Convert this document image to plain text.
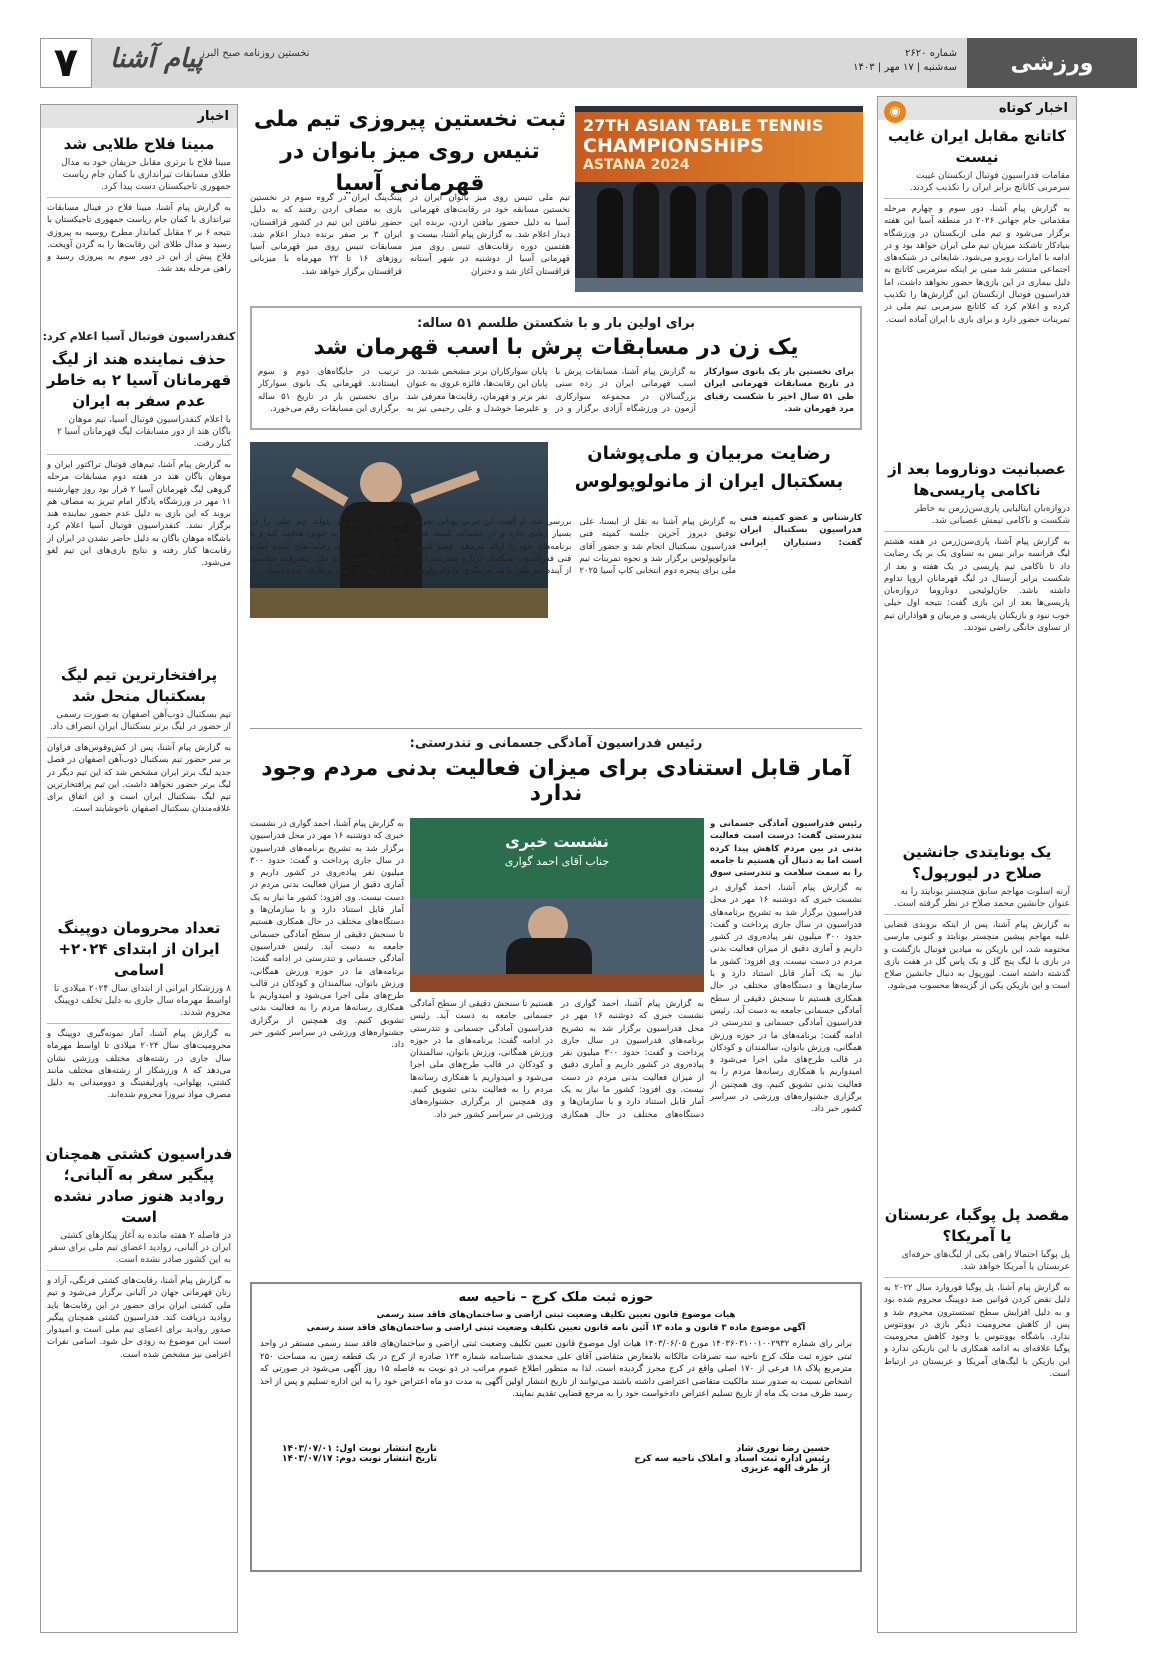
ورزشی
شماره ۲۶۲۰
سه‌شنبه | ۱۷ مهر | ۱۴۰۳
نخستین روزنامه صبح البرز
پیام آشنا
۷
اخبار کوتاه
◉
کاتانچ مقابل ایران غایب نیست
مقامات فدراسیون فوتبال ازبکستان غیبت سرمربی کاتانچ برابر ایران را تکذیب کردند.
به گزارش پیام آشنا، دور سوم و چهارم مرحله مقدماتی جام جهانی ۲۰۲۶ در منطقه آسیا این هفته برگزار می‌شود و تیم ملی ازبکستان در ورزشگاه بنیادکار تاشکند میزبان تیم ملی ایران خواهد بود و در ادامه با امارات روبرو می‌شود. شایعاتی در شبکه‌های اجتماعی منتشر شد مبنی بر اینکه سرمربی کاتانچ به دلیل بیماری در این بازی‌ها حضور نخواهد داشت، اما فدراسیون فوتبال ازبکستان این گزارش‌ها را تکذیب کرده و اعلام کرد که کاتانچ سرمربی تیم ملی در تمرینات حضور دارد و برای بازی با ایران آماده است.
عصبانیت دوناروما بعد از ناکامی پاریسی‌ها
دروازه‌بان ایتالیایی پاری‌سن‌ژرمن به خاطر شکست و ناکامی تیمش عصبانی شد.
به گزارش پیام آشنا، پاری‌سن‌ژرمن در هفته هشتم لیگ فرانسه برابر نیس به تساوی یک بر یک رضایت داد تا ناکامی تیم پاریسی در یک هفته و بعد از شکست برابر آرسنال در لیگ قهرمانان اروپا تداوم داشته باشد. جان‌لوئیجی دوناروما دروازه‌بان پاریسی‌ها بعد از این بازی گفت: نتیجه اول خیلی خوب نبود و بازیکنان پاریسی و مربیان و هواداران تیم از تساوی خانگی راضی نبودند.
یک یونایتدی جانشین صلاح در لیورپول؟
آرنه اسلوت مهاجم سابق منچستر یونایتد را به عنوان جانشین محمد صلاح در نظر گرفته است.
به گزارش پیام آشنا، پس از اینکه بروندی قضایی علیه مهاجم پیشین منچستر یونایتد و کنونی مارسی مختومه شد، این بازیکن به میادین فوتبال بازگشت و در بازی با لیگ پنج گل و یک پاس گل در هفت بازی گذشته داشته است. لیورپول به دنبال جانشین صلاح است و این بازیکن یکی از گزینه‌ها محسوب می‌شود.
مقصد پل پوگبا، عربستان یا آمریکا؟
پل پوگبا احتمالا راهی یکی از لیگ‌های حرفه‌ای عربستان یا آمریکا خواهد شد.
به گزارش پیام آشنا، پل پوگبا فوروارد سال ۲۰۲۲ به دلیل نقض کردن قوانین ضد دوپینگ محروم شده بود و به دلیل افزایش سطح تستسترون محروم شد و پس از کاهش محرومیت دیگر بازی در یوونتوس ندارد. باشگاه یوونتوس با وجود کاهش محرومیت پوگبا علاقه‌ای به ادامه همکاری با این بازیکن ندارد و این بازیکن با لیگ‌های آمریکا و عربستان در ارتباط است.
27TH ASIAN TABLE TENNIS
CHAMPIONSHIPS
ASTANA 2024
ثبت نخستین پیروزی تیم ملی تنیس روی میز بانوان در قهرمانی آسیا
تیم ملی تنیس روی میز بانوان ایران در نخستین مسابقه خود در رقابت‌های قهرمانی آسیا به دلیل حضور نیافتن اردن، برنده این دیدار اعلام شد. به گزارش پیام آشنا، بیست و هفتمین دوره رقابت‌های تنیس روی میز قهرمانی آسیا از دوشنبه در شهر آستانه قزاقستان آغاز شد و دختران
پینگ‌پنگ ایران در گروه سوم در نخستین بازی به مصاف اردن رفتند که به دلیل حضور نیافتن این تیم در کشور قزاقستان، ایران ۳ بر صفر برنده دیدار اعلام شد. مسابقات تنیس روی میز قهرمانی آسیا روزهای ۱۶ تا ۲۲ مهرماه با میزبانی قزاقستان برگزار خواهد شد.
برای اولین بار و با شکستن طلسم ۵۱ ساله:
یک زن در مسابقات پرش با اسب قهرمان شد
برای نخستین بار یک بانوی سوارکار در تاریخ مسابقات قهرمانی ایران طی ۵۱ سال اخیر با شکست رقبای مرد قهرمان شد.
به گزارش پیام آشنا، مسابقات پرش با اسب قهرمانی ایران در رده سنی بزرگسالان در مجموعه سوارکاری آزمون در ورزشگاه آزادی برگزار و در پایان سوارکاران برتر مشخص شدند. در پایان این رقابت‌ها، فائزه غروی به عنوان نفر برتر و قهرمان، رقابت‌ها معرفی شد و علیرضا خوشدل و علی رحیمی نیز به ترتیب در جایگاه‌های دوم و سوم ایستادند. قهرمانی یک بانوی سوارکار برای نخستین بار در تاریخ ۵۱ ساله برگزاری این مسابقات رقم می‌خورد.
رضایت مربیان و ملی‌پوشان بسکتبال ایران از مانولوپولوس
کارشناس و عضو کمیته فنی فدراسیون بسکتبال ایران گفت: دستیاران ایرانی
به گزارش پیام آشنا به نقل از ایسنا، علی توفیق دیروز آخرین جلسه کمیته فنی فدراسیون بسکتبال انجام شد و حضور آقای مانولوپولوس برگزار شد و نحوه تمرینات تیم ملی برای پنجره دوم انتخابی کاپ آسیا ۲۰۲۵ بررسی شد. او گفت: این مربی یونانی تجربه بسیار زیادی دارد و در جلسات کمیته فنی برنامه‌های خود را ارائه می‌دهد. عضو کمیته فنی فدراسیون بسکتبال درباره پیش‌بینی‌اش از آینده تیم ملی با سرمربیگری مانولوپولوس گفت: امیدواریم او بتواند تیم ملی را در پنجره دوم انتخابی به خوبی هدایت کند و با بازیکنان جوان برای رقابت‌های آینده آماده شوند. هم‌صحبتی تیم ملی پیشرفت مناسبی دارد و اختلافات دیگر برطرف شده است.
رئیس فدراسیون آمادگی جسمانی و تندرستی:
آمار قابل استنادی برای میزان فعالیت بدنی مردم وجود ندارد
نشست خبری
جناب آقای احمد گواری
رئیس فدراسیون آمادگی جسمانی و تندرستی گفت: درست است فعالیت بدنی در بین مردم کاهش پیدا کرده است اما به دنبال آن هستیم تا جامعه را به سمت سلامت و تندرستی سوق
به گزارش پیام آشنا، احمد گواری در نشست خبری که دوشنبه ۱۶ مهر در محل فدراسیون برگزار شد به تشریح برنامه‌های فدراسیون در سال جاری پرداخت و گفت: حدود ۳۰۰ میلیون نفر پیاده‌روی در کشور داریم و آماری دقیق از میزان فعالیت بدنی مردم در دست نیست. وی افزود: کشور ما نیاز به یک آمار قابل استناد دارد و با سازمان‌ها و دستگاه‌های مختلف در حال همکاری هستیم تا سنجش دقیقی از سطح آمادگی جسمانی جامعه به دست آید. رئیس فدراسیون آمادگی جسمانی و تندرستی در ادامه گفت: برنامه‌های ما در حوزه ورزش همگانی، ورزش بانوان، سالمندان و کودکان در قالب طرح‌های ملی اجرا می‌شود و امیدواریم با همکاری رسانه‌ها مردم را به فعالیت بدنی تشویق کنیم. وی همچنین از برگزاری جشنواره‌های ورزشی در سراسر کشور خبر داد.
به گزارش پیام آشنا، احمد گواری در نشست خبری که دوشنبه ۱۶ مهر در محل فدراسیون برگزار شد به تشریح برنامه‌های فدراسیون در سال جاری پرداخت و گفت: حدود ۳۰۰ میلیون نفر پیاده‌روی در کشور داریم و آماری دقیق از میزان فعالیت بدنی مردم در دست نیست. وی افزود: کشور ما نیاز به یک آمار قابل استناد دارد و با سازمان‌ها و دستگاه‌های مختلف در حال همکاری هستیم تا سنجش دقیقی از سطح آمادگی جسمانی جامعه به دست آید. رئیس فدراسیون آمادگی جسمانی و تندرستی در ادامه گفت: برنامه‌های ما در حوزه ورزش همگانی، ورزش بانوان، سالمندان و کودکان در قالب طرح‌های ملی اجرا می‌شود و امیدواریم با همکاری رسانه‌ها مردم را به فعالیت بدنی تشویق کنیم. وی همچنین از برگزاری جشنواره‌های ورزشی در سراسر کشور خبر داد.
به گزارش پیام آشنا، احمد گواری در نشست خبری که دوشنبه ۱۶ مهر در محل فدراسیون برگزار شد به تشریح برنامه‌های فدراسیون در سال جاری پرداخت و گفت: حدود ۳۰۰ میلیون نفر پیاده‌روی در کشور داریم و آماری دقیق از میزان فعالیت بدنی مردم در دست نیست. وی افزود: کشور ما نیاز به یک آمار قابل استناد دارد و با سازمان‌ها و دستگاه‌های مختلف در حال همکاری هستیم تا سنجش دقیقی از سطح آمادگی جسمانی جامعه به دست آید. رئیس فدراسیون آمادگی جسمانی و تندرستی در ادامه گفت: برنامه‌های ما در حوزه ورزش همگانی، ورزش بانوان، سالمندان و کودکان در قالب طرح‌های ملی اجرا می‌شود و امیدواریم با همکاری رسانه‌ها مردم را به فعالیت بدنی تشویق کنیم. وی همچنین از برگزاری جشنواره‌های ورزشی در سراسر کشور خبر داد.
حوزه ثبت ملک کرج – ناحیه سه

هیات موضوع قانون تعیین تکلیف وضعیت ثبتی اراضی و ساختمان‌های فاقد سند رسمی

آگهی موضوع ماده ۳ قانون و ماده ۱۳ آئین نامه قانون تعیین تکلیف وضعیت ثبتی اراضی و ساختمان‌های فاقد سند رسمی

برابر رای شماره ۱۴۰۳۶۰۳۱۰۰۱۰۰۲۹۳۲ مورخ ۱۴۰۳/۰۶/۰۵ هیات اول موضوع قانون تعیین تکلیف وضعیت ثبتی اراضی و ساختمان‌های فاقد سند رسمی مستقر در واحد ثبتی حوزه ثبت ملک کرج ناحیه سه تصرفات مالکانه بلامعارض متقاضی آقای علی محمدی شناسنامه شماره ۱۲۳ صادره از کرج در یک قطعه زمین به مساحت ۲۵۰ مترمربع پلاک ۱۸ فرعی از ۱۷۰ اصلی واقع در کرج محرز گردیده است. لذا به منظور اطلاع عموم مراتب در دو نوبت به فاصله ۱۵ روز آگهی می‌شود در صورتی که اشخاص نسبت به صدور سند مالکیت متقاضی اعتراضی داشته باشند می‌توانند از تاریخ انتشار اولین آگهی به مدت دو ماه اعتراض خود را به این اداره تسلیم و پس از اخذ رسید ظرف مدت یک ماه از تاریخ تسلیم اعتراض دادخواست خود را به مرجع قضایی تقدیم نمایند.

حسین رضا نوری شاد
رئیس اداره ثبت اسناد و املاک ناحیه سه کرج
از طرف الهه عزیزی
تاریخ انتشار نوبت اول: ۱۴۰۳/۰۷/۰۱
تاریخ انتشار نوبت دوم: ۱۴۰۳/۰۷/۱۷
اخبار
مبینا فلاح طلایی شد
مبینا فلاح با برتری مقابل حریفان خود به مدال طلای مسابقات تیراندازی با کمان جام ریاست جمهوری تاجیکستان دست پیدا کرد.
به گزارش پیام آشنا، مبینا فلاح در فینال مسابقات تیراندازی با کمان جام ریاست جمهوری تاجیکستان با نتیجه ۶ بر ۲ مقابل کماندار مطرح روسیه به پیروزی رسید و مدال طلای این رقابت‌ها را به گردن آویخت. فلاح پیش از این در دور سوم به پیروزی رسید و راهی مرحله بعد شد.
کنفدراسیون فوتبال آسیا اعلام کرد:
حذف نماینده هند از لیگ قهرمانان آسیا ۲ به خاطر عدم سفر به ایران
با اعلام کنفدراسیون فوتبال آسیا، تیم موهان باگان هند از دور مسابقات لیگ قهرمانان آسیا ۲ کنار رفت.
به گزارش پیام آشنا، تیم‌های فوتبال تراکتور ایران و موهان باگان هند در هفته دوم مسابقات مرحله گروهی لیگ قهرمانان آسیا ۲ قرار بود روز چهارشنبه ۱۱ مهر در ورزشگاه یادگار امام تبریز به مصاف هم بروند که این بازی به دلیل عدم حضور نماینده هند برگزار نشد. کنفدراسیون فوتبال آسیا اعلام کرد باشگاه موهان باگان به دلیل حاضر نشدن در ایران از رقابت‌ها کنار رفته و نتایج بازی‌های این تیم لغو می‌شود.
پرافتخارترین تیم لیگ بسکتبال منحل شد
تیم بسکتبال ذوب‌آهن اصفهان به صورت رسمی از حضور در لیگ برتر بسکتبال ایران انصراف داد.
به گزارش پیام آشنا، پس از کش‌وقوس‌های فراوان بر سر حضور تیم بسکتبال ذوب‌آهن اصفهان در فصل جدید لیگ برتر ایران مشخص شد که این تیم دیگر در لیگ برتر حضور نخواهد داشت. این تیم پرافتخارترین تیم لیگ بسکتبال ایران است و این اتفاق برای علاقه‌مندان بسکتبال اصفهان ناخوشایند است.
تعداد محرومان دوپینگ ایران از ابتدای ۲۰۲۴+ اسامی
۸ ورزشکار ایرانی از ابتدای سال ۲۰۲۴ میلادی تا اواسط مهرماه سال جاری به دلیل تخلف دوپینگ محروم شدند.
به گزارش پیام آشنا، آمار نمونه‌گیری دوپینگ و محرومیت‌های سال ۲۰۲۴ میلادی تا اواسط مهرماه سال جاری در رشته‌های مختلف ورزشی نشان می‌دهد که ۸ ورزشکار از رشته‌های مختلف مانند کشتی، پهلوانی، پاورلیفتینگ و دوومیدانی به دلیل مصرف مواد نیروزا محروم شده‌اند.
فدراسیون کشتی همچنان پیگیر سفر به آلبانی؛ روادید هنوز صادر نشده است
در فاصله ۲ هفته مانده به آغاز پیکارهای کشتی ایران در آلبانی، روادید اعضای تیم ملی برای سفر به این کشور صادر نشده است.
به گزارش پیام آشنا، رقابت‌های کشتی فرنگی، آزاد و زنان قهرمانی جهان در آلبانی برگزار می‌شود و تیم ملی کشتی ایران برای حضور در این رقابت‌ها باید روادید دریافت کند. فدراسیون کشتی همچنان پیگیر صدور روادید برای اعضای تیم ملی است و امیدوار است این موضوع به زودی حل شود. اسامی نفرات اعزامی نیز مشخص شده است.
